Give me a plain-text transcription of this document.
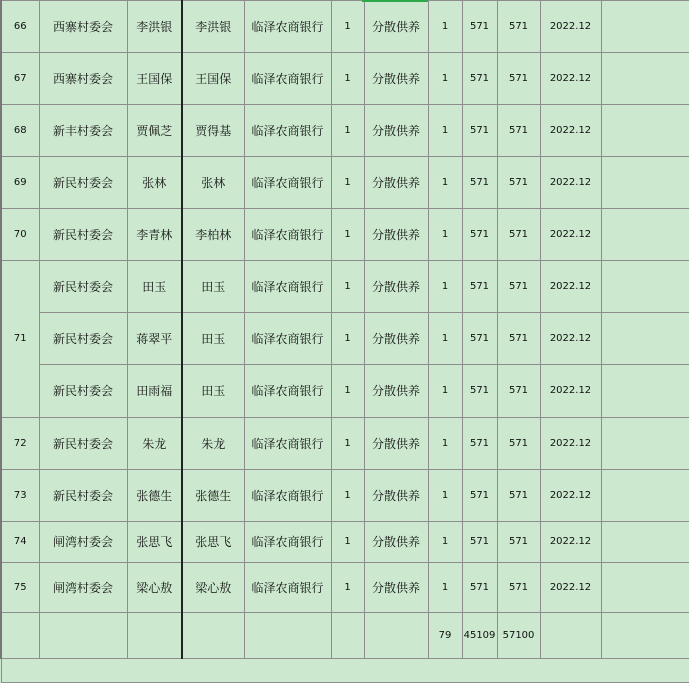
66	西寨村委会	李洪银	李洪银	临泽农商银行	1	分散供养	1	571	571	2022.12	
67	西寨村委会	王国保	王国保	临泽农商银行	1	分散供养	1	571	571	2022.12	
68	新丰村委会	贾佩芝	贾得基	临泽农商银行	1	分散供养	1	571	571	2022.12	
69	新民村委会	张林	张林	临泽农商银行	1	分散供养	1	571	571	2022.12	
70	新民村委会	李青林	李柏林	临泽农商银行	1	分散供养	1	571	571	2022.12	
71	新民村委会	田玉	田玉	临泽农商银行	1	分散供养	1	571	571	2022.12	
	新民村委会	蒋翠平	田玉	临泽农商银行	1	分散供养	1	571	571	2022.12	
	新民村委会	田雨福	田玉	临泽农商银行	1	分散供养	1	571	571	2022.12	
72	新民村委会	朱龙	朱龙	临泽农商银行	1	分散供养	1	571	571	2022.12	
73	新民村委会	张德生	张德生	临泽农商银行	1	分散供养	1	571	571	2022.12	
74	闸湾村委会	张思飞	张思飞	临泽农商银行	1	分散供养	1	571	571	2022.12	
75	闸湾村委会	梁心敖	梁心敖	临泽农商银行	1	分散供养	1	571	571	2022.12	
							79	45109	57100		
